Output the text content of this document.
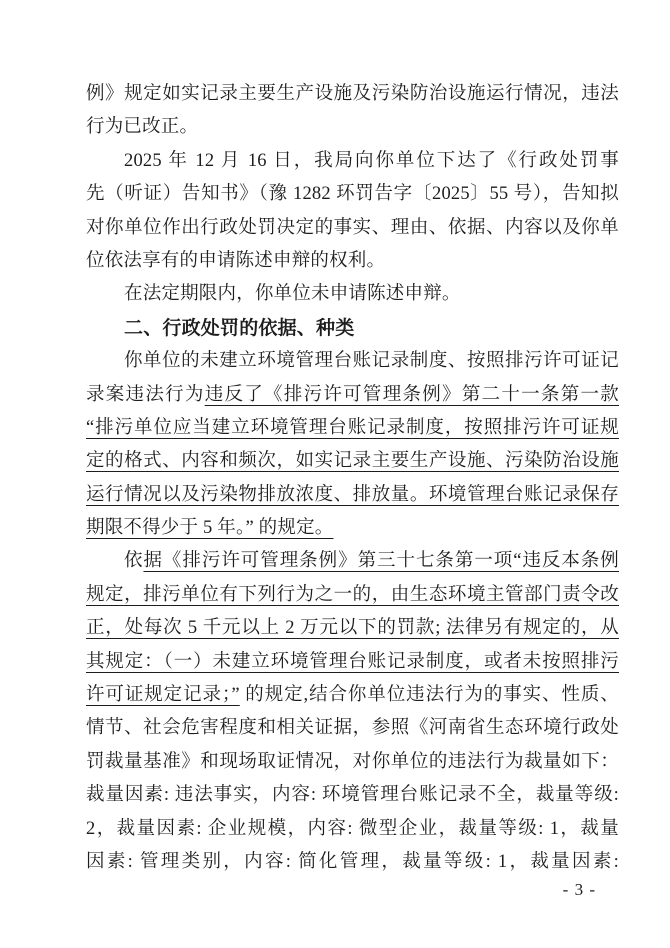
例》规定如实记录主要生产设施及污染防治设施运行情况，违法
行为已改正。
2025 年 12 月 16 日，我局向你单位下达了《行政处罚事
先（听证）告知书》（豫 1282 环罚告字〔2025〕55 号），告知拟
对你单位作出行政处罚决定的事实、理由、依据、内容以及你单
位依法享有的申请陈述申辩的权利。
在法定期限内，你单位未申请陈述申辩。
二、行政处罚的依据、种类
你单位的未建立环境管理台账记录制度、按照排污许可证记
录案违法行为违反了《排污许可管理条例》第二十一条第一款
“排污单位应当建立环境管理台账记录制度，按照排污许可证规
定的格式、内容和频次，如实记录主要生产设施、污染防治设施
运行情况以及污染物排放浓度、排放量。环境管理台账记录保存
期限不得少于 5 年。” 的规定。
依据《排污许可管理条例》第三十七条第一项“违反本条例
规定，排污单位有下列行为之一的，由生态环境主管部门责令改
正，处每次 5 千元以上 2 万元以下的罚款; 法律另有规定的，从
其规定：（一）未建立环境管理台账记录制度，或者未按照排污
许可证规定记录；” 的规定,结合你单位违法行为的事实、性质、
情节、社会危害程度和相关证据，参照《河南省生态环境行政处
罚裁量基准》和现场取证情况，对你单位的违法行为裁量如下：
裁量因素: 违法事实，内容: 环境管理台账记录不全，裁量等级:
2，裁量因素: 企业规模，内容: 微型企业，裁量等级: 1，裁量
因素: 管理类别，内容: 简化管理，裁量等级: 1，裁量因素:
- 3 -
